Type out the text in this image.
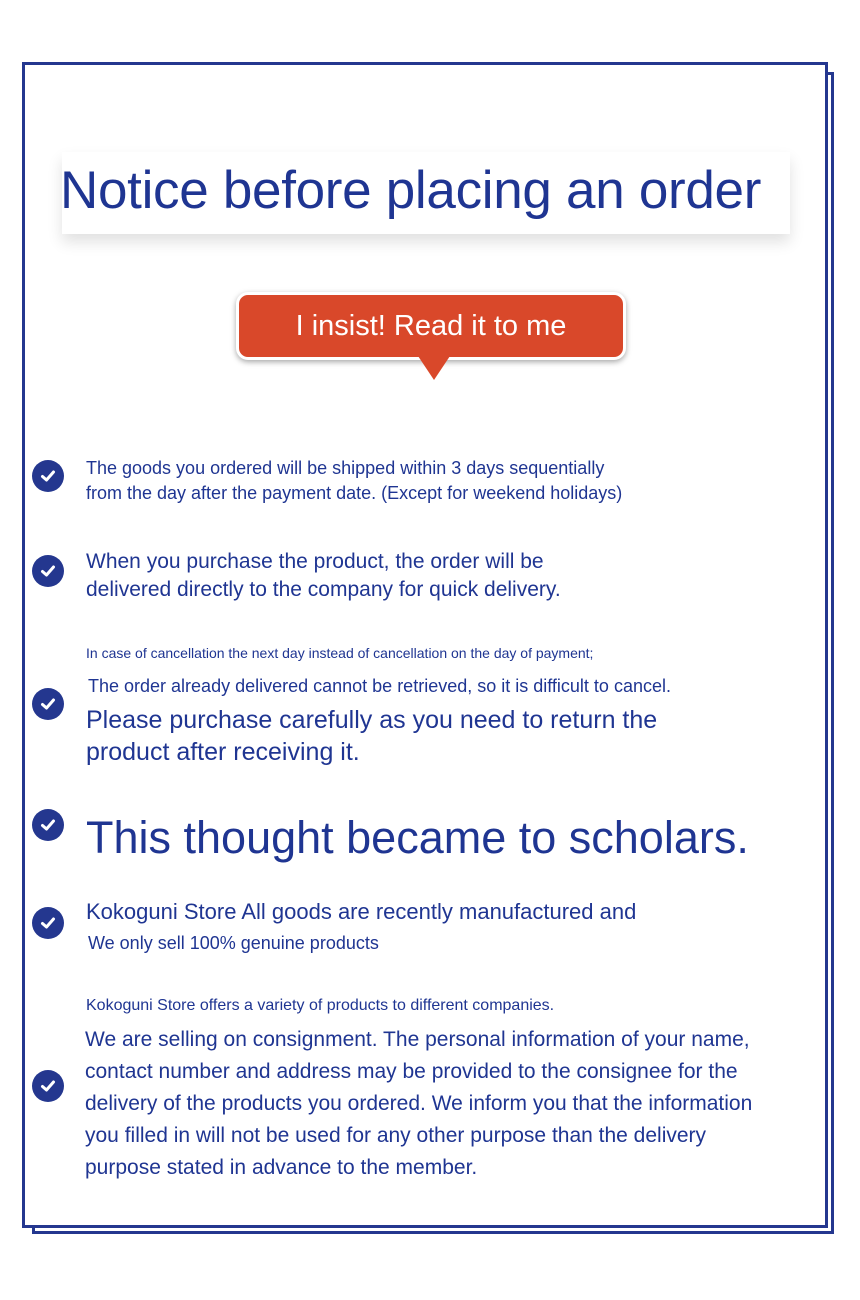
Notice before placing an order
I insist! Read it to me

The goods you ordered will be shipped within 3 days sequentially

from the day after the payment date. (Except for weekend holidays)

When you purchase the product, the order will be

delivered directly to the company for quick delivery.

In case of cancellation the next day instead of cancellation on the day of payment;

The order already delivered cannot be retrieved, so it is difficult to cancel.

Please purchase carefully as you need to return the

product after receiving it.

This thought became to scholars.

Kokoguni Store All goods are recently manufactured and

We only sell 100% genuine products

Kokoguni Store offers a variety of products to different companies.

We are selling on consignment. The personal information of your name,

contact number and address may be provided to the consignee for the

delivery of the products you ordered. We inform you that the information

you filled in will not be used for any other purpose than the delivery

purpose stated in advance to the member.
